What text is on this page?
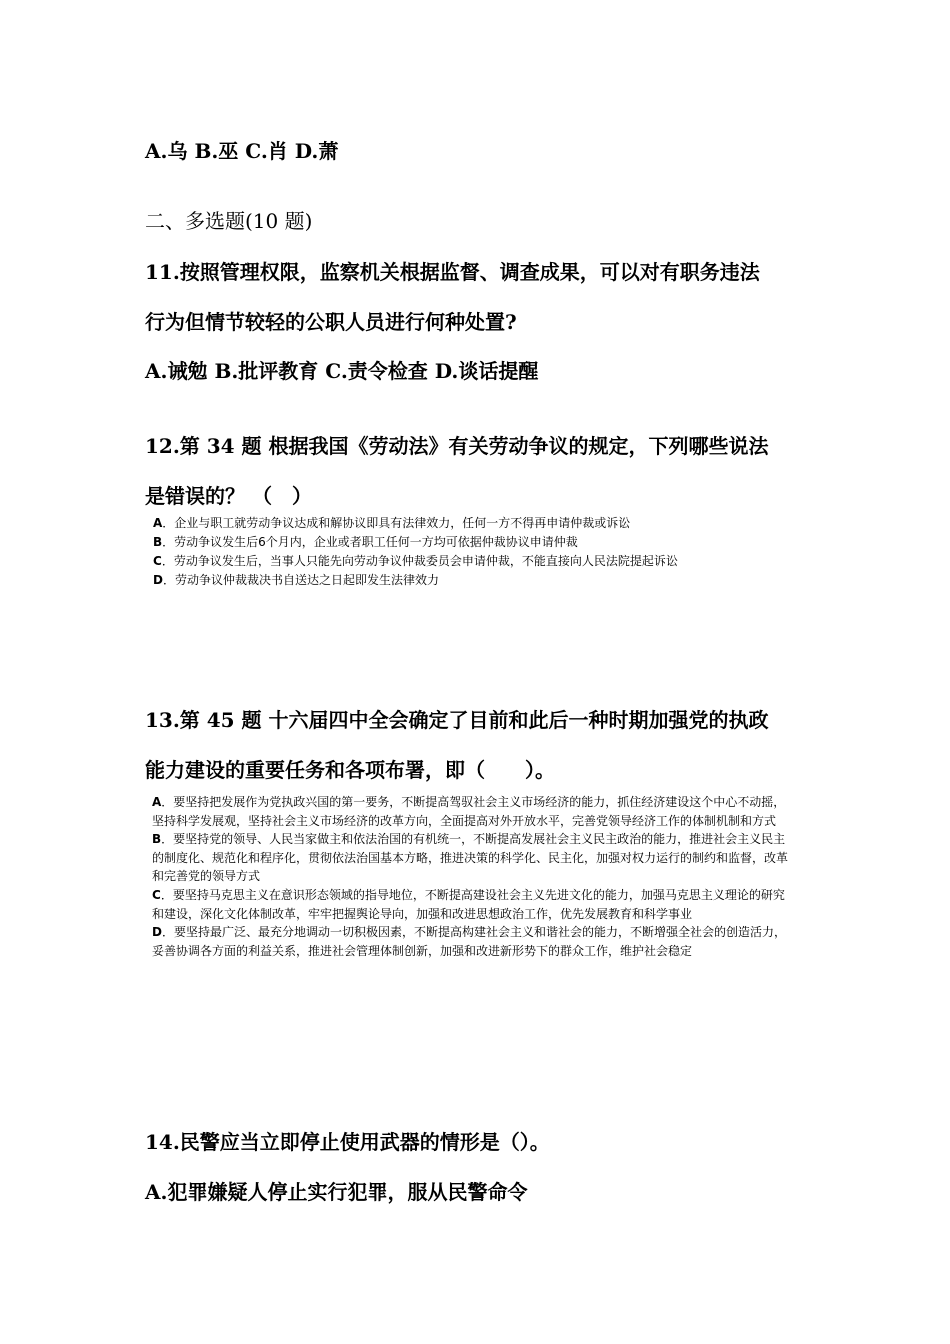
A.乌 B.巫 C.肖 D.萧
二、多选题(10 题)
11.按照管理权限，监察机关根据监督、调查成果，可以对有职务违法
行为但情节较轻的公职人员进行何种处置?
A.诫勉 B.批评教育 C.责令检查 D.谈话提醒
12.第 34 题 根据我国《劳动法》有关劳动争议的规定，下列哪些说法
是错误的？ （　）
A．企业与职工就劳动争议达成和解协议即具有法律效力，任何一方不得再申请仲裁或诉讼
B．劳动争议发生后6个月内，企业或者职工任何一方均可依据仲裁协议申请仲裁
C．劳动争议发生后，当事人只能先向劳动争议仲裁委员会申请仲裁，不能直接向人民法院提起诉讼
D．劳动争议仲裁裁决书自送达之日起即发生法律效力
13.第 45 题 十六届四中全会确定了目前和此后一种时期加强党的执政
能力建设的重要任务和各项布署，即（　　）。

A．要坚持把发展作为党执政兴国的第一要务，不断提高驾驭社会主义市场经济的能力，抓住经济建设这个中心不动摇，坚持科学发展观，坚持社会主义市场经济的改革方向，全面提高对外开放水平，完善党领导经济工作的体制机制和方式

B．要坚持党的领导、人民当家做主和依法治国的有机统一，不断提高发展社会主义民主政治的能力，推进社会主义民主的制度化、规范化和程序化，贯彻依法治国基本方略，推进决策的科学化、民主化，加强对权力运行的制约和监督，改革和完善党的领导方式

C．要坚持马克思主义在意识形态领域的指导地位，不断提高建设社会主义先进文化的能力，加强马克思主义理论的研究和建设，深化文化体制改革，牢牢把握舆论导向，加强和改进思想政治工作，优先发展教育和科学事业

D．要坚持最广泛、最充分地调动一切积极因素，不断提高构建社会主义和谐社会的能力，不断增强全社会的创造活力，妥善协调各方面的利益关系，推进社会管理体制创新，加强和改进新形势下的群众工作，维护社会稳定

14.民警应当立即停止使用武器的情形是（）。
A.犯罪嫌疑人停止实行犯罪，服从民警命令
